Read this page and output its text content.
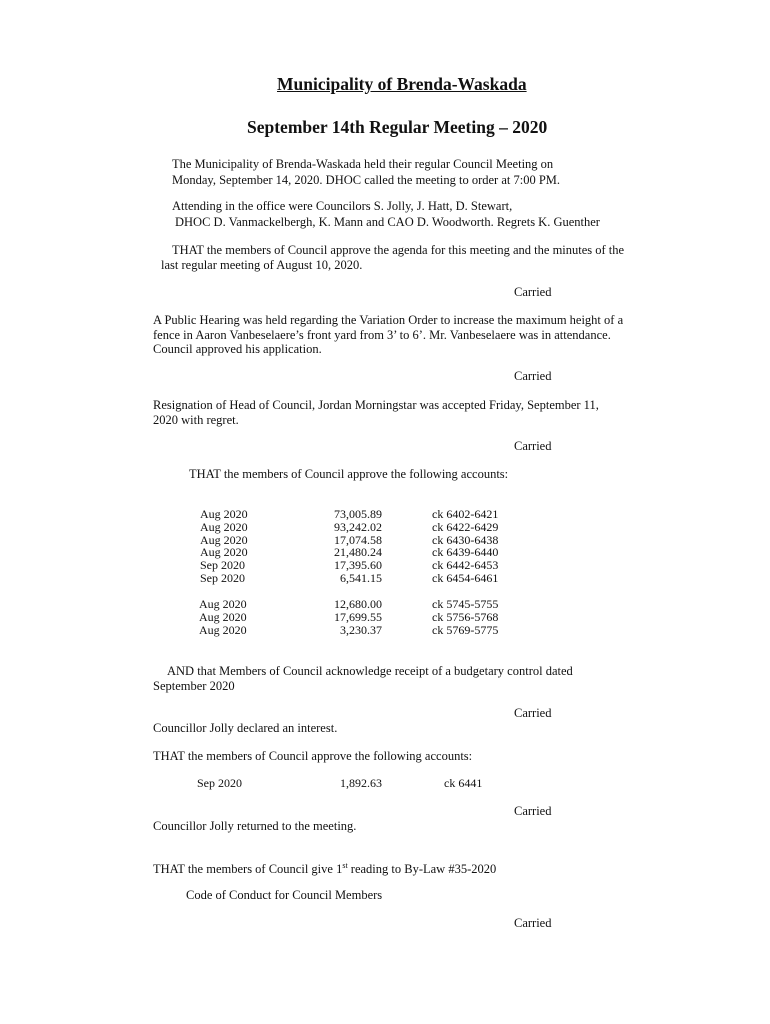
Municipality of Brenda-Waskada
September 14th Regular Meeting – 2020
The Municipality of Brenda-Waskada held their regular Council Meeting on
Monday, September 14, 2020. DHOC called the meeting to order at 7:00 PM.
Attending in the office were Councilors S. Jolly, J. Hatt, D. Stewart,
DHOC D. Vanmackelbergh, K. Mann and CAO D. Woodworth. Regrets K. Guenther
THAT the members of Council approve the agenda for this meeting and the minutes of the
last regular meeting of August 10, 2020.
Carried
A Public Hearing was held regarding the Variation Order to increase the maximum height of a
fence in Aaron Vanbeselaere’s front yard from 3’ to 6’. Mr. Vanbeselaere was in attendance.
Council approved his application.
Carried
Resignation of Head of Council, Jordan Morningstar was accepted Friday, September 11,
2020 with regret.
Carried
THAT the members of Council approve the following accounts:
Aug 2020
Aug 2020
Aug 2020
Aug 2020
Sep 2020
Sep 2020
73,005.89
93,242.02
17,074.58
21,480.24
17,395.60
6,541.15
ck 6402-6421
ck 6422-6429
ck 6430-6438
ck 6439-6440
ck 6442-6453
ck 6454-6461
Aug 2020
Aug 2020
Aug 2020
12,680.00
17,699.55
3,230.37
ck 5745-5755
ck 5756-5768
ck 5769-5775
AND that Members of Council acknowledge receipt of a budgetary control dated
September 2020
Carried
Councillor Jolly declared an interest.
THAT the members of Council approve the following accounts:
Sep 2020	1,892.63	ck 6441
Carried
Councillor Jolly returned to the meeting.
THAT the members of Council give 1st reading to By-Law #35-2020
Code of Conduct for Council Members
Carried
